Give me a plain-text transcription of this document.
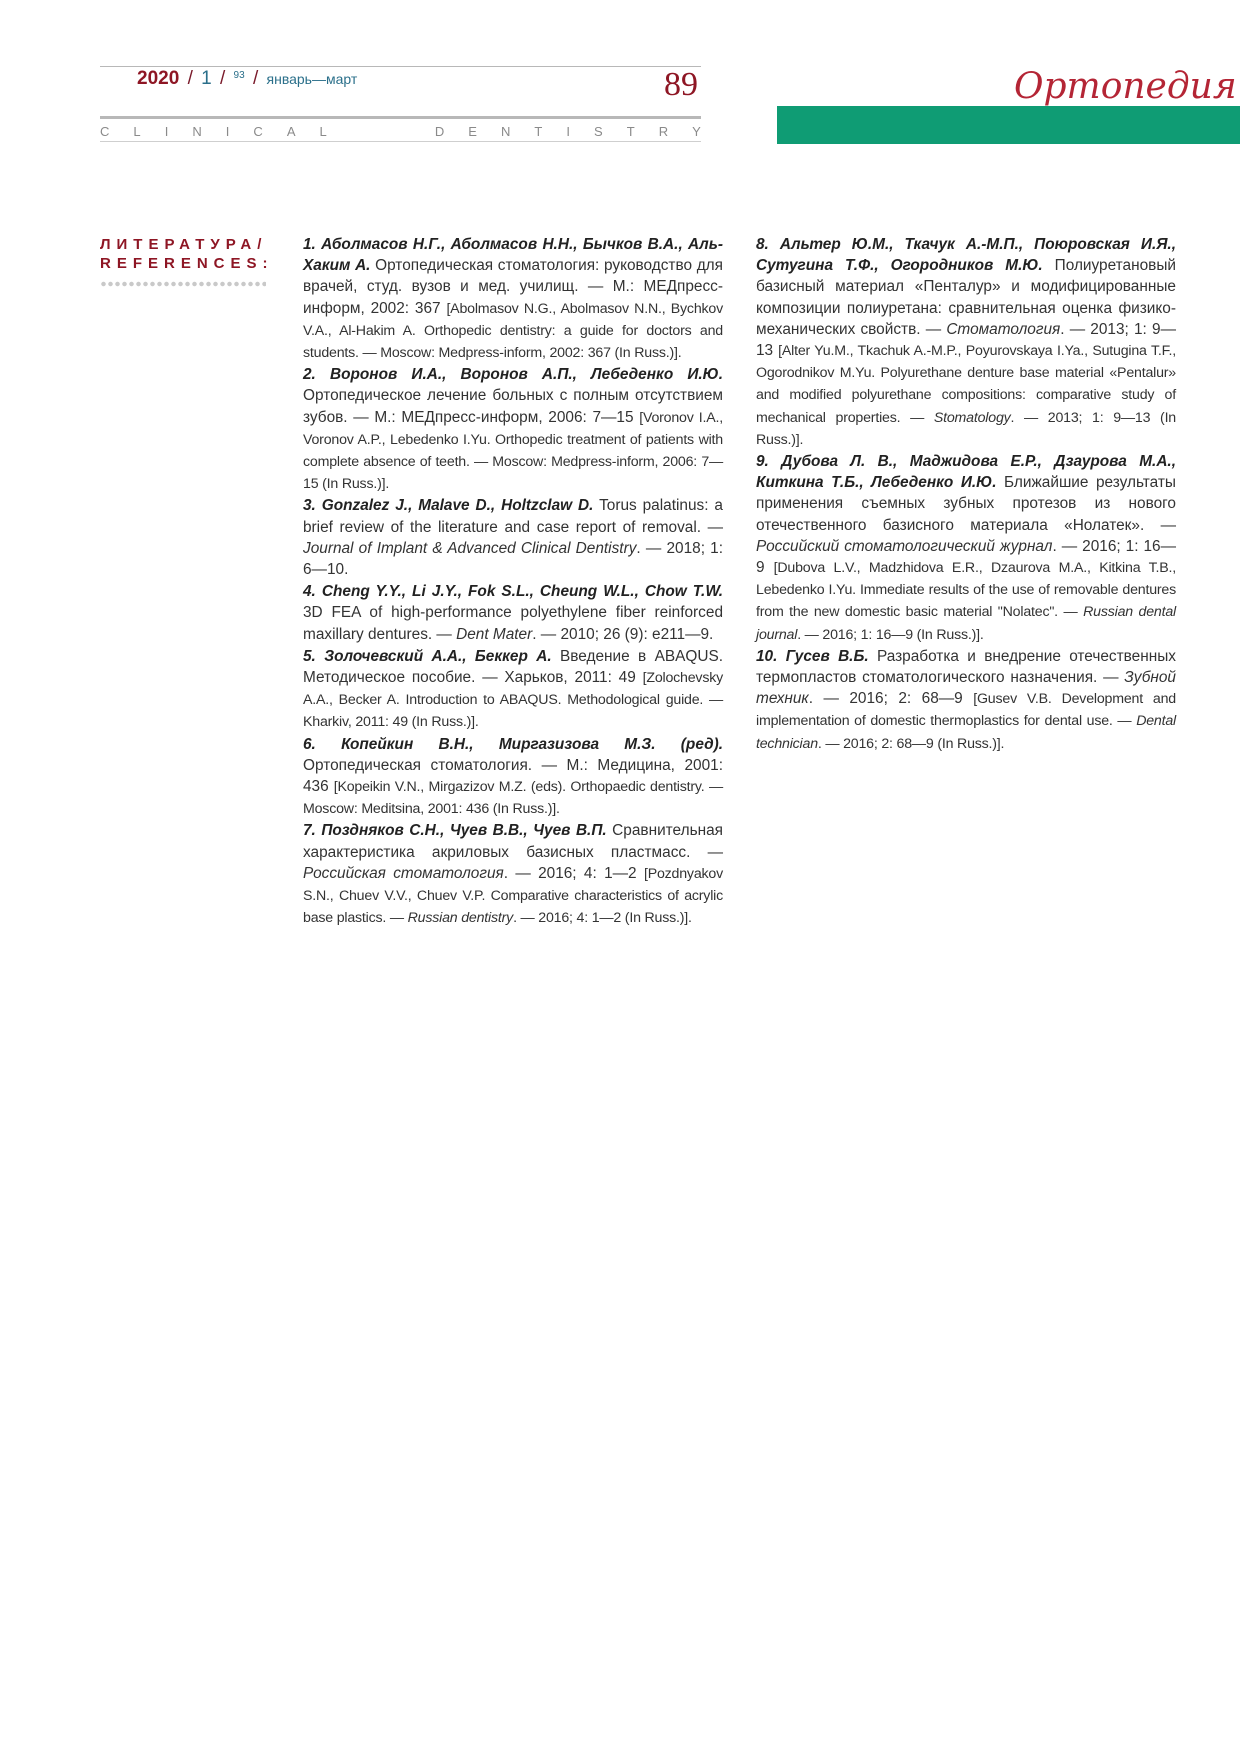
2020 / 1 / $^{93}$ / январь—март	89
C L I N I C A L	D E N T I S T R Y
Ортопедия
ЛИТЕРАТУРА/
REFERENCES:

1. Аболмасов Н.Г., Аболмасов Н.Н., Бычков В.А., Аль-Хаким А. Ортопедическая стоматология: руководство для врачей, студ. вузов и мед. училищ. — М.: МЕДпресс-информ, 2002: 367 [Abolmasov N.G., Abolmasov N.N., Bychkov V.A., Al-Hakim A. Orthopedic dentistry: a guide for doctors and students. — Moscow: Medpress-inform, 2002: 367 (In Russ.)].

2. Воронов И.А., Воронов А.П., Лебеденко И.Ю. Ортопедическое лечение больных с полным отсутствием зубов. — М.: МЕДпресс-информ, 2006: 7—15 [Voronov I.A., Voronov A.P., Lebedenko I.Yu. Orthopedic treatment of patients with complete absence of teeth. — Moscow: Medpress-inform, 2006: 7—15 (In Russ.)].

3. Gonzalez J., Malave D., Holtzclaw D. Torus palatinus: a brief review of the literature and case report of removal. — Journal of Implant & Advanced Clinical Dentistry. — 2018; 1: 6—10.

4. Cheng Y.Y., Li J.Y., Fok S.L., Cheung W.L., Chow T.W. 3D FEA of high-performance polyethylene fiber reinforced maxillary dentures. — Dent Mater. — 2010; 26 (9): e211—9.

5. Золочевский А.А., Беккер А. Введение в ABAQUS. Методическое пособие. — Харьков, 2011: 49 [Zolochevsky A.A., Becker A. Introduction to ABAQUS. Methodological guide. — Kharkiv, 2011: 49 (In Russ.)].

6. Копейкин В.Н., Миргазизова М.З. (ред). Ортопедическая стоматология. — М.: Медицина, 2001: 436 [Kopeikin V.N., Mirgazizov M.Z. (eds). Orthopaedic dentistry. — Moscow: Meditsina, 2001: 436 (In Russ.)].

7. Поздняков С.Н., Чуев В.В., Чуев В.П. Сравнительная характеристика акриловых базисных пластмасс. — Российская стоматология. — 2016; 4: 1—2 [Pozdnyakov S.N., Chuev V.V., Chuev V.P. Comparative characteristics of acrylic base plastics. — Russian dentistry. — 2016; 4: 1—2 (In Russ.)].

8. Альтер Ю.М., Ткачук А.-М.П., Поюровская И.Я., Сутугина Т.Ф., Огородников М.Ю. Полиуретановый базисный материал «Пенталур» и модифицированные композиции полиуретана: сравнительная оценка физико-механических свойств. — Стоматология. — 2013; 1: 9—13 [Alter Yu.M., Tkachuk A.-M.P., Poyurovskaya I.Ya., Sutugina T.F., Ogorodnikov M.Yu. Polyurethane denture base material «Pentalur» and modified polyurethane compositions: comparative study of mechanical properties. — Stomatology. — 2013; 1: 9—13 (In Russ.)].

9. Дубова Л. В., Маджидова Е.Р., Дзаурова М.А., Киткина Т.Б., Лебеденко И.Ю. Ближайшие результаты применения съемных зубных протезов из нового отечественного базисного материала «Нолатек». — Российский стоматологический журнал. — 2016; 1: 16—9 [Dubova L.V., Madzhidova E.R., Dzaurova M.A., Kitkina T.B., Lebedenko I.Yu. Immediate results of the use of removable dentures from the new domestic basic material "Nolatec". — Russian dental journal. — 2016; 1: 16—9 (In Russ.)].

10. Гусев В.Б. Разработка и внедрение отечественных термопластов стоматологического назначения. — Зубной техник. — 2016; 2: 68—9 [Gusev V.B. Development and implementation of domestic thermoplastics for dental use. — Dental technician. — 2016; 2: 68—9 (In Russ.)].
